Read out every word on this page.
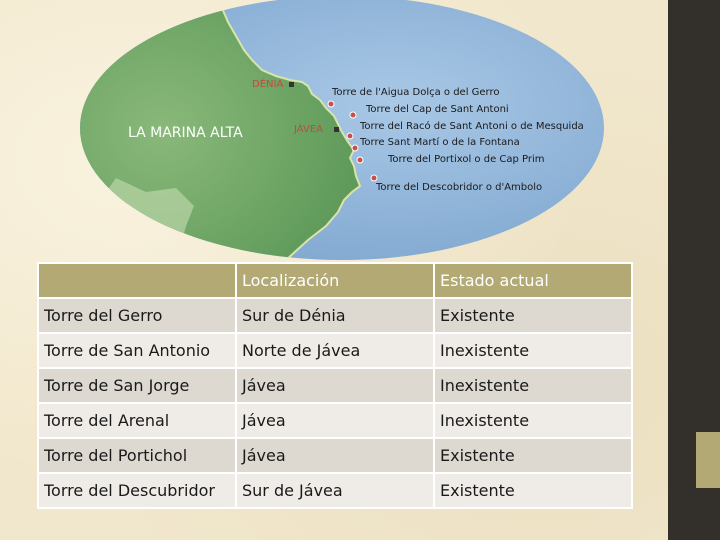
DÉNIA
JÁVEA
LA MARINA ALTA
Torre de l'Aigua Dolça o del Gerro
Torre del Cap de Sant Antoni
Torre del Racó de Sant Antoni o de Mesquida
Torre Sant Martí o de la Fontana
Torre del Portixol o de Cap Prim
Torre del Descobridor o d'Ambolo
	Localización	Estado actual
Torre del Gerro	Sur de Dénia	Existente
Torre de San Antonio	Norte de Jávea	Inexistente
Torre de San Jorge	Jávea	Inexistente
Torre del Arenal	Jávea	Inexistente
Torre del Portichol	Jávea	Existente
Torre del Descubridor	Sur de Jávea	Existente
